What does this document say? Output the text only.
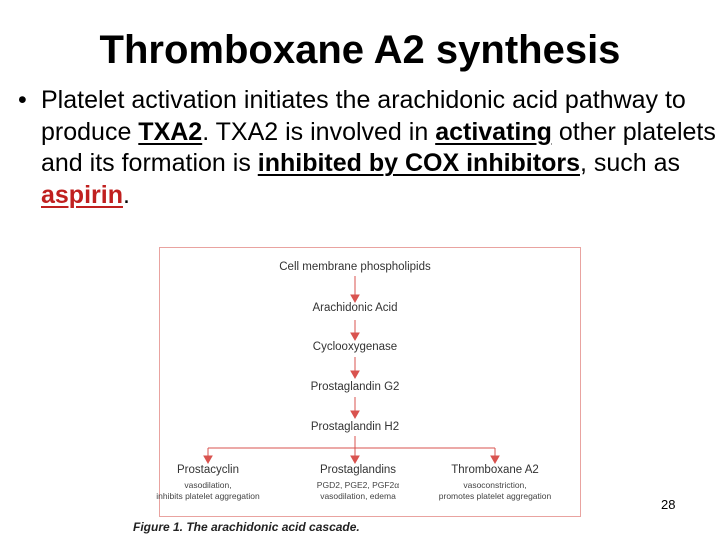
Thromboxane A2 synthesis
• Platelet activation initiates the arachidonic acid pathway to produce TXA2. TXA2 is involved in activating other platelets and its formation is inhibited by COX inhibitors, such as aspirin.
Cell membrane phospholipids
Arachidonic Acid
Cyclooxygenase
Prostaglandin G2
Prostaglandin H2
Prostacyclin
vasodilation,
inhibits platelet aggregation
Prostaglandins
PGD2, PGE2, PGF2α
vasodilation, edema
Thromboxane A2
vasoconstriction,
promotes platelet aggregation
28
Figure 1. The arachidonic acid cascade.
